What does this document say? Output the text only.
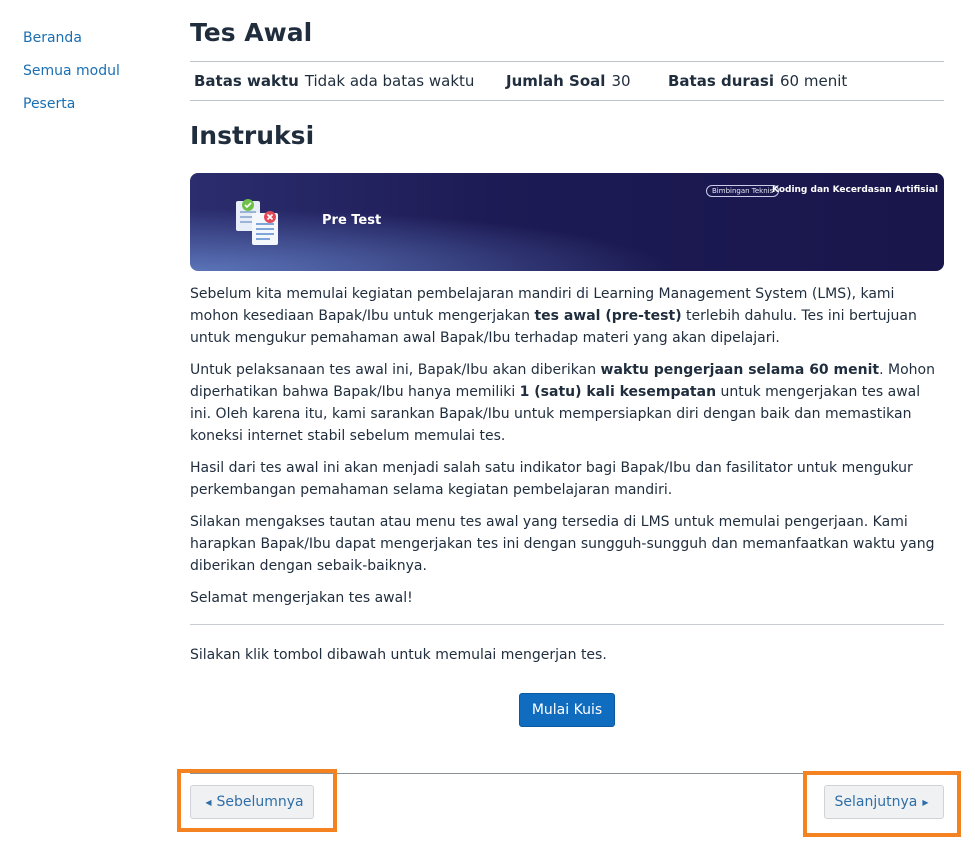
Beranda
Semua modul
Peserta
Tes Awal
Batas waktu Tidak ada batas waktu Jumlah Soal 30 Batas durasi 60 menit
Instruksi
Pre Test
Bimbingan Teknis
Koding dan Kecerdasan Artifisial

Sebelum kita memulai kegiatan pembelajaran mandiri di Learning Management System (LMS), kami mohon kesediaan Bapak/Ibu untuk mengerjakan tes awal (pre-test) terlebih dahulu. Tes ini bertujuan untuk mengukur pemahaman awal Bapak/Ibu terhadap materi yang akan dipelajari.

Untuk pelaksanaan tes awal ini, Bapak/Ibu akan diberikan waktu pengerjaan selama 60 menit. Mohon diperhatikan bahwa Bapak/Ibu hanya memiliki 1 (satu) kali kesempatan untuk mengerjakan tes awal ini. Oleh karena itu, kami sarankan Bapak/Ibu untuk mempersiapkan diri dengan baik dan memastikan koneksi internet stabil sebelum memulai tes.

Hasil dari tes awal ini akan menjadi salah satu indikator bagi Bapak/Ibu dan fasilitator untuk mengukur perkembangan pemahaman selama kegiatan pembelajaran mandiri.

Silakan mengakses tautan atau menu tes awal yang tersedia di LMS untuk memulai pengerjaan. Kami harapkan Bapak/Ibu dapat mengerjakan tes ini dengan sungguh-sungguh dan memanfaatkan waktu yang diberikan dengan sebaik-baiknya.

Selamat mengerjakan tes awal!

Silakan klik tombol dibawah untuk memulai mengerjan tes.
Mulai Kuis
◀ Sebelumnya	Selanjutnya ▶
